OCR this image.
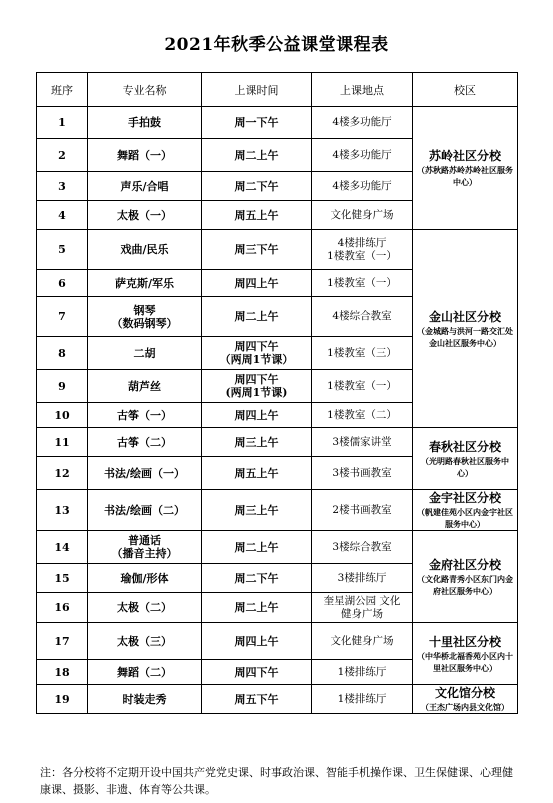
2021年秋季公益课堂课程表
班序	专业名称	上课时间	上课地点	校区
1	手拍鼓	周一下午	4楼多功能厅	苏岭社区分校
（苏秋路苏岭苏岭社区服务中心）

2	舞蹈（一）	周二上午	4楼多功能厅	
3	声乐/合唱	周二下午	4楼多功能厅	
4	太极（一）	周五上午	文化健身广场	
5	戏曲/民乐	周三下午	4楼排练厅
1楼教室（一）	金山社区分校
（金城路与洪河一路交汇处金山社区服务中心）

6	萨克斯/军乐	周四上午	1楼教室（一）	
7	钢琴
（数码钢琴）	周二上午	4楼综合教室	
8	二胡	周四下午
（两周1节课）	1楼教室（三）	
9	葫芦丝	周四下午
(两周1节课)	1楼教室（一）	
10	古筝（一）	周四上午	1楼教室（二）	
11	古筝（二）	周三上午	3楼儒家讲堂	春秋社区分校
（光明路春秋社区服务中心）

12	书法/绘画（一）	周五上午	3楼书画教室	
13	书法/绘画（二）	周三上午	2楼书画教室	金宇社区分校
（帆建佳苑小区内金宇社区服务中心）

14	普通话
（播音主持）	周二上午	3楼综合教室	金府社区分校
（文化路青秀小区东门内金府社区服务中心）

15	瑜伽/形体	周二下午	3楼排练厅	
16	太极（二）	周二上午	奎星湖公园 文化
健身广场	
17	太极（三）	周四上午	文化健身广场	十里社区分校
（中华桥北福香苑小区内十里社区服务中心）

18	舞蹈（二）	周四下午	1楼排练厅	
19	时装走秀	周五下午	1楼排练厅	文化馆分校
（王杰广场内县文化馆）
注：各分校将不定期开设中国共产党党史课、时事政治课、智能手机操作课、卫生保健课、心理健康课、摄影、非遗、体育等公共课。
